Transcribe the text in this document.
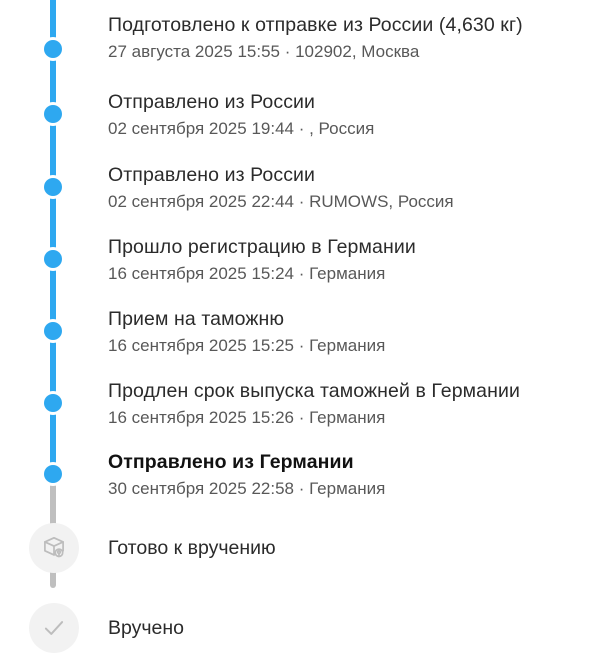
Подготовлено к отправке из России (4,630 кг)
27 августа 2025 15:55 · 102902, Москва
Отправлено из России
02 сентября 2025 19:44 · , Россия
Отправлено из России
02 сентября 2025 22:44 · RUMOWS, Россия
Прошло регистрацию в Германии
16 сентября 2025 15:24 · Германия
Прием на таможню
16 сентября 2025 15:25 · Германия
Продлен срок выпуска таможней в Германии
16 сентября 2025 15:26 · Германия
Отправлено из Германии
30 сентября 2025 22:58 · Германия
Готово к вручению
Вручено
